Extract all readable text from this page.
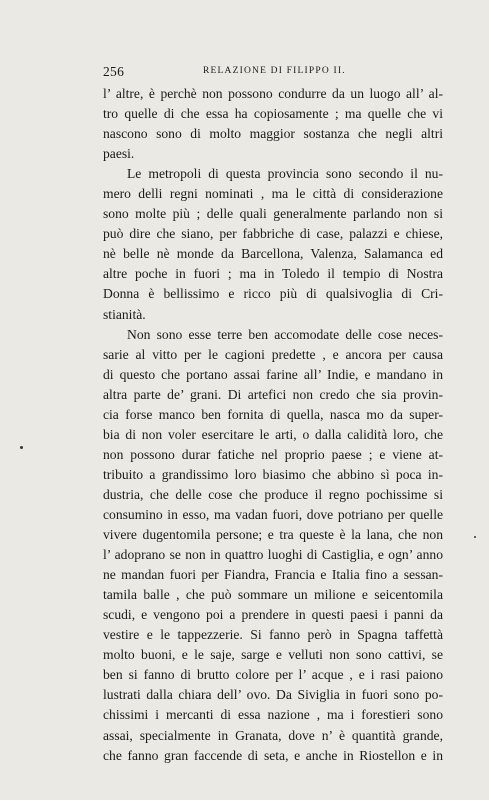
256	RELAZIONE DI FILIPPO II.
l’ altre, è perchè non possono condurre da un luogo all’ al-
tro quelle di che essa ha copiosamente ; ma quelle che vi
nascono sono di molto maggior sostanza che negli altri
paesi.
Le metropoli di questa provincia sono secondo il nu-
mero delli regni nominati , ma le città di considerazione
sono molte più ; delle quali generalmente parlando non si
può dire che siano, per fabbriche di case, palazzi e chiese,
nè belle nè monde da Barcellona, Valenza, Salamanca ed
altre poche in fuori ; ma in Toledo il tempio di Nostra
Donna è bellissimo e ricco più di qualsivoglia di Cri-
stianità.
Non sono esse terre ben accomodate delle cose neces-
sarie al vitto per le cagioni predette , e ancora per causa
di questo che portano assai farine all’ Indie, e mandano in
altra parte de’ grani. Di artefici non credo che sia provin-
cia forse manco ben fornita di quella, nasca mo da super-
bia di non voler esercitare le arti, o dalla calidità loro, che
non possono durar fatiche nel proprio paese ; e viene at-
tribuito a grandissimo loro biasimo che abbino sì poca in-
dustria, che delle cose che produce il regno pochissime si
consumino in esso, ma vadan fuori, dove potriano per quelle
vivere dugentomila persone; e tra queste è la lana, che non
l’ adoprano se non in quattro luoghi di Castiglia, e ogn’ anno
ne mandan fuori per Fiandra, Francia e Italia fino a sessan-
tamila balle , che può sommare un milione e seicentomila
scudi, e vengono poi a prendere in questi paesi i panni da
vestire e le tappezzerie. Si fanno però in Spagna taffettà
molto buoni, e le saje, sarge e velluti non sono cattivi, se
ben si fanno di brutto colore per l’ acque , e i rasi paiono
lustrati dalla chiara dell’ ovo. Da Siviglia in fuori sono po-
chissimi i mercanti di essa nazione , ma i forestieri sono
assai, specialmente in Granata, dove n’ è quantità grande,
che fanno gran faccende di seta, e anche in Riostellon e in
